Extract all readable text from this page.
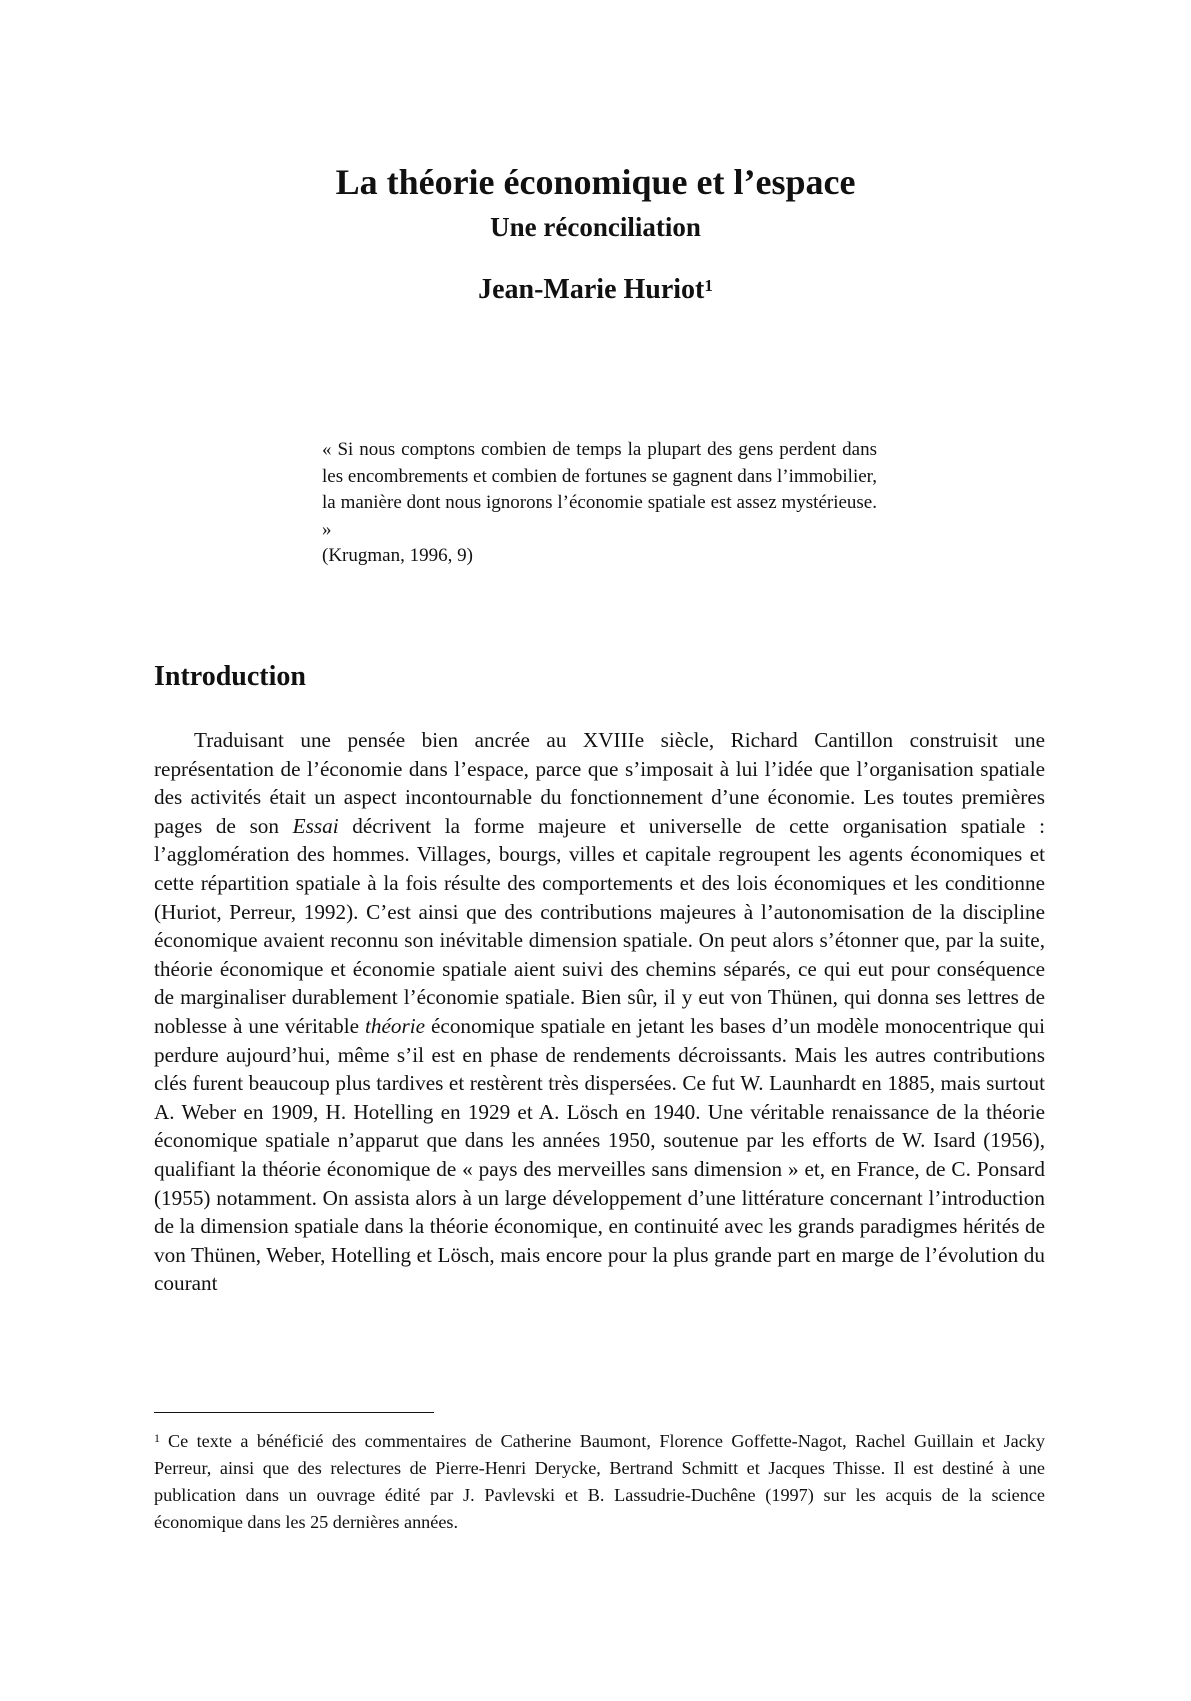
La théorie économique et l’espace
Une réconciliation
Jean-Marie Huriot$^1$
« Si nous comptons combien de temps la plupart des gens perdent dans les encombrements et combien de fortunes se gagnent dans l’immobilier, la manière dont nous ignorons l’économie spatiale est assez mystérieuse. »
(Krugman, 1996, 9)
Introduction

Traduisant une pensée bien ancrée au XVIIIe siècle, Richard Cantillon construisit une représentation de l’économie dans l’espace, parce que s’imposait à lui l’idée que l’organisation spatiale des activités était un aspect incontournable du fonctionnement d’une économie. Les toutes premières pages de son Essai décrivent la forme majeure et universelle de cette organisation spatiale : l’agglomération des hommes. Villages, bourgs, villes et capitale regroupent les agents économiques et cette répartition spatiale à la fois résulte des comportements et des lois économiques et les conditionne (Huriot, Perreur, 1992). C’est ainsi que des contributions majeures à l’autonomisation de la discipline économique avaient reconnu son inévitable dimension spatiale. On peut alors s’étonner que, par la suite, théorie économique et économie spatiale aient suivi des chemins séparés, ce qui eut pour conséquence de marginaliser durablement l’économie spatiale. Bien sûr, il y eut von Thünen, qui donna ses lettres de noblesse à une véritable théorie économique spatiale en jetant les bases d’un modèle monocentrique qui perdure aujourd’hui, même s’il est en phase de rendements décroissants. Mais les autres contributions clés furent beaucoup plus tardives et restèrent très dispersées. Ce fut W. Launhardt en 1885, mais surtout A. Weber en 1909, H. Hotelling en 1929 et A. Lösch en 1940. Une véritable renaissance de la théorie économique spatiale n’apparut que dans les années 1950, soutenue par les efforts de W. Isard (1956), qualifiant la théorie économique de « pays des merveilles sans dimension » et, en France, de C. Ponsard (1955) notamment. On assista alors à un large développement d’une littérature concernant l’introduction de la dimension spatiale dans la théorie économique, en continuité avec les grands paradigmes hérités de von Thünen, Weber, Hotelling et Lösch, mais encore pour la plus grande part en marge de l’évolution du courant

$^1$ Ce texte a bénéficié des commentaires de Catherine Baumont, Florence Goffette-Nagot, Rachel Guillain et Jacky Perreur, ainsi que des relectures de Pierre-Henri Derycke, Bertrand Schmitt et Jacques Thisse. Il est destiné à une publication dans un ouvrage édité par J. Pavlevski et B. Lassudrie-Duchêne (1997) sur les acquis de la science économique dans les 25 dernières années.
